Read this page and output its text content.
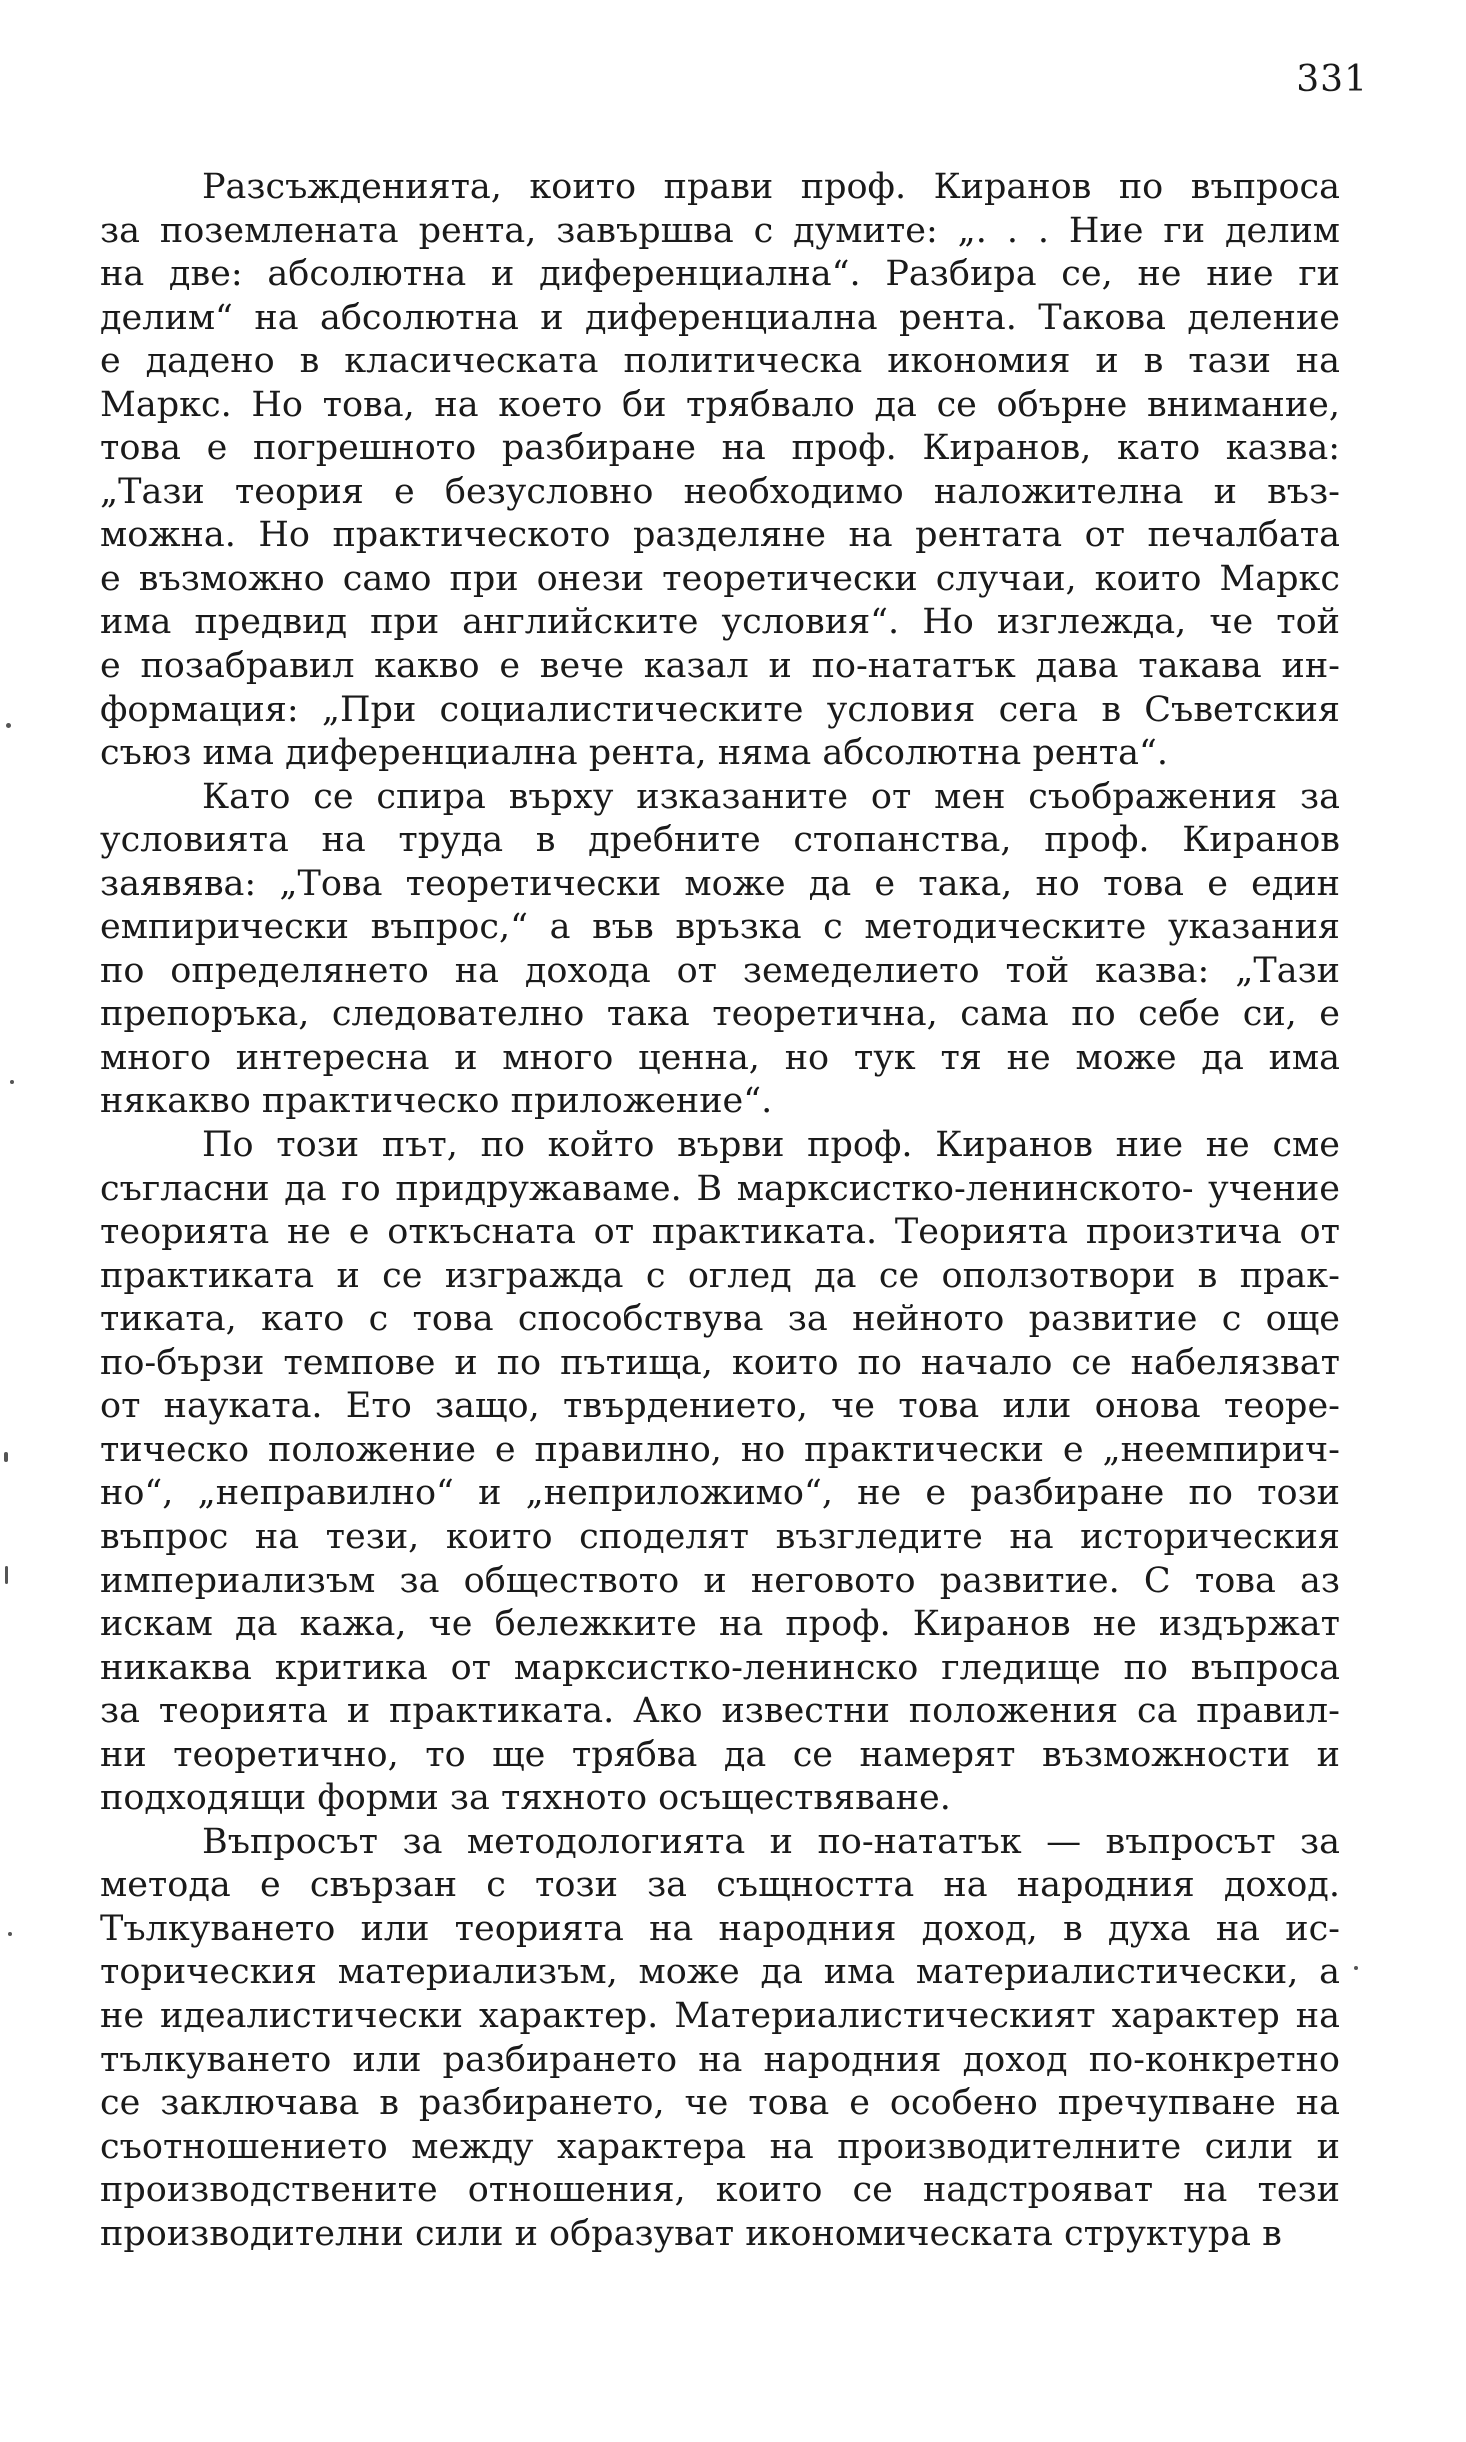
331

Разсъжденията, които прави проф. Киранов по въпроса
за поземлената рента, завършва с думите: „. . . Ние ги делим
на две: абсолютна и диференциална“. Разбира се, не ние ги
делим“ на абсолютна и диференциална рента. Такова деление
е дадено в класическата политическа икономия и в тази на
Маркс. Но това, на което би трябвало да се обърне внимание,
това е погрешното разбиране на проф. Киранов, като казва:
„Тази теория е безусловно необходимо наложителна и въз-
можна. Но практическото разделяне на рентата от печалбата
е възможно само при онези теоретически случаи, които Маркс
има предвид при английските условия“. Но изглежда, че той
е позабравил какво е вече казал и по-нататък дава такава ин-
формация: „При социалистическите условия сега в Съветския
съюз има диференциална рента, няма абсолютна рента“.

Като се спира върху изказаните от мен съображения за
условията на труда в дребните стопанства, проф. Киранов
заявява: „Това теоретически може да е така, но това е един
емпирически въпрос,“ а във връзка с методическите указания
по определянето на дохода от земеделието той казва: „Тази
препоръка, следователно така теоретична, сама по себе си, е
много интересна и много ценна, но тук тя не може да има
някакво практическо приложение“.

По този път, по който върви проф. Киранов ние не сме
съгласни да го придружаваме. В марксистко-ленинското- учение
теорията не е откъсната от практиката. Теорията произтича от
практиката и се изгражда с оглед да се оползотвори в прак-
тиката, като с това способствува за нейното развитие с още
по-бързи темпове и по пътища, които по начало се набелязват
от науката. Ето защо, твърдението, че това или онова теоре-
тическо положение е правилно, но практически е „неемпирич-
но“, „неправилно“ и „неприложимо“, не е разбиране по този
въпрос на тези, които споделят възгледите на историческия
империализъм за обществото и неговото развитие. С това аз
искам да кажа, че бележките на проф. Киранов не издържат
никаква критика от марксистко-ленинско гледище по въпроса
за теорията и практиката. Ако известни положения са правил-
ни теоретично, то ще трябва да се намерят възможности и
подходящи форми за тяхното осъществяване.

Въпросът за методологията и по-нататък — въпросът за
метода е свързан с този за същността на народния доход.
Тълкуването или теорията на народния доход, в духа на ис-
торическия материализъм, може да има материалистически, а
не идеалистически характер. Материалистическият характер на
тълкуването или разбирането на народния доход по-конкретно
се заключава в разбирането, че това е особено пречупване на
съотношението между характера на производителните сили и
производствените отношения, които се надстрояват на тези
производителни сили и образуват икономическата структура в
